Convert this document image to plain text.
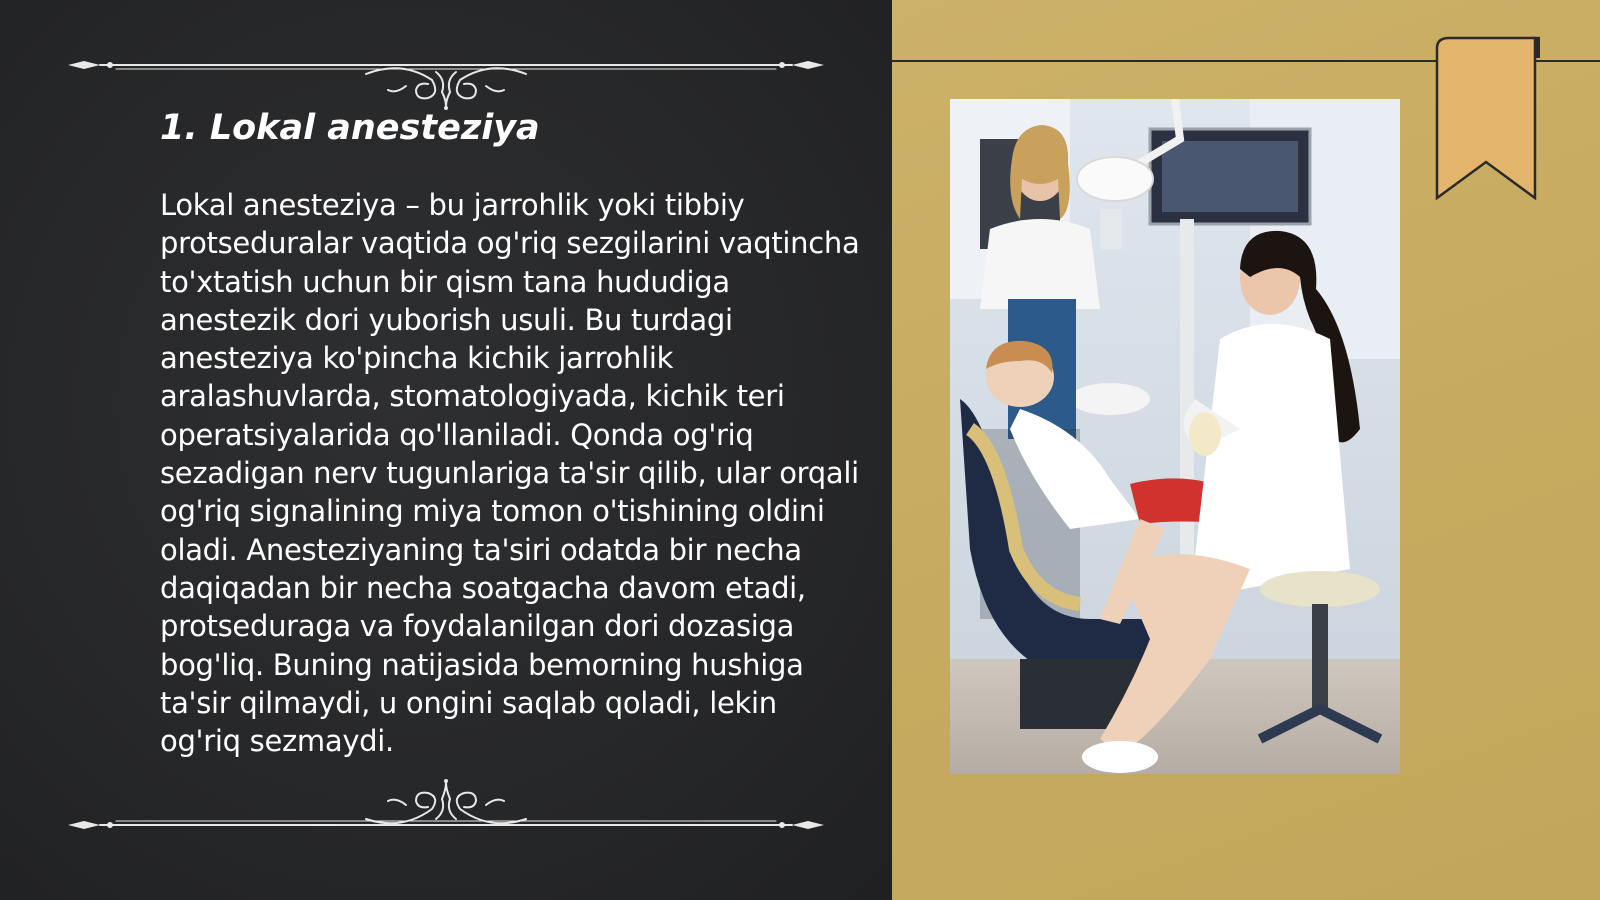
1. Lokal anesteziya

Lokal anesteziya – bu jarrohlik yoki tibbiy protseduralar vaqtida og'riq sezgilarini vaqtincha to'xtatish uchun bir qism tana hududiga anestezik dori yuborish usuli. Bu turdagi anesteziya ko'pincha kichik jarrohlik aralashuvlarda, stomatologiyada, kichik teri operatsiyalarida qo'llaniladi. Qonda og'riq sezadigan nerv tugunlariga ta'sir qilib, ular orqali og'riq signalining miya tomon o'tishining oldini oladi. Anesteziyaning ta'siri odatda bir necha daqiqadan bir necha soatgacha davom etadi, protseduraga va foydalanilgan dori dozasiga bog'liq. Buning natijasida bemorning hushiga ta'sir qilmaydi, u ongini saqlab qoladi, lekin og'riq sezmaydi.
